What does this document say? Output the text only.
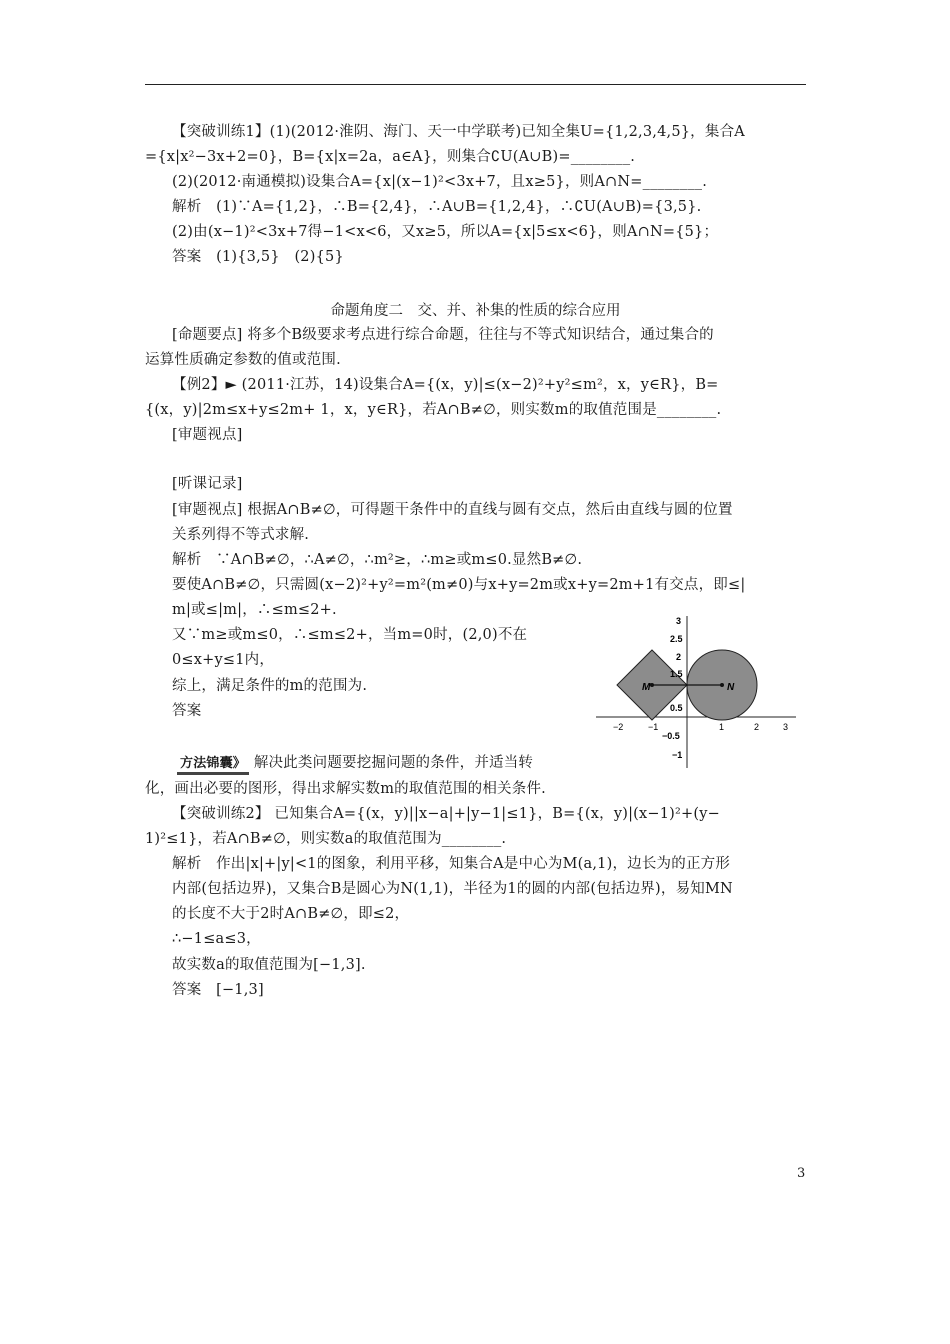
【突破训练1】(1)(2012·淮阴、海门、天一中学联考)已知全集U={1,2,3,4,5}，集合A
={x|x²−3x+2=0}，B={x|x=2a，a∈A}，则集合∁U(A∪B)=________.
(2)(2012·南通模拟)设集合A={x|(x−1)²<3x+7，且x≥5}，则A∩N=________.
解析　(1)∵A={1,2}，∴B={2,4}，∴A∪B={1,2,4}，∴∁U(A∪B)={3,5}.
(2)由(x−1)²<3x+7得−1<x<6，又x≥5，所以A={x|5≤x<6}，则A∩N={5}；
答案　(1){3,5}　(2){5}
命题角度二　交、并、补集的性质的综合应用
[命题要点] 将多个B级要求考点进行综合命题，往往与不等式知识结合，通过集合的
运算性质确定参数的值或范围.
【例2】► (2011·江苏，14)设集合A={(x，y)|≤(x−2)²+y²≤m²，x，y∈R}，B=
{(x，y)|2m≤x+y≤2m+ 1，x，y∈R}，若A∩B≠∅，则实数m的取值范围是________.
[审题视点]
[听课记录]
[审题视点] 根据A∩B≠∅，可得题干条件中的直线与圆有交点，然后由直线与圆的位置
关系列得不等式求解.
解析　∵A∩B≠∅，∴A≠∅，∴m²≥，∴m≥或m≤0.显然B≠∅.
要使A∩B≠∅，只需圆(x−2)²+y²=m²(m≠0)与x+y=2m或x+y=2m+1有交点，即≤|
m|或≤|m|，∴≤m≤2+.
又∵m≥或m≤0，∴≤m≤2+，当m=0时，(2,0)不在
0≤x+y≤1内，
综上，满足条件的m的范围为.
答案
方法锦囊》 解决此类问题要挖掘问题的条件，并适当转
化，画出必要的图形，得出求解实数m的取值范围的相关条件.
【突破训练2】 已知集合A={(x，y)||x−a|+|y−1|≤1}，B={(x，y)|(x−1)²+(y−
1)²≤1}，若A∩B≠∅，则实数a的取值范围为________.
解析　作出|x|+|y|<1的图象，利用平移，知集合A是中心为M(a,1)，边长为的正方形
内部(包括边界)，又集合B是圆心为N(1,1)，半径为1的圆的内部(包括边界)，易知MN
的长度不大于2时A∩B≠∅，即≤2，
∴−1≤a≤3，
故实数a的取值范围为[−1,3].
答案　[−1,3]
M	N
−2	−1	1	2	3
3
2.5
2
1.5
0.5
−0.5
−1
3
